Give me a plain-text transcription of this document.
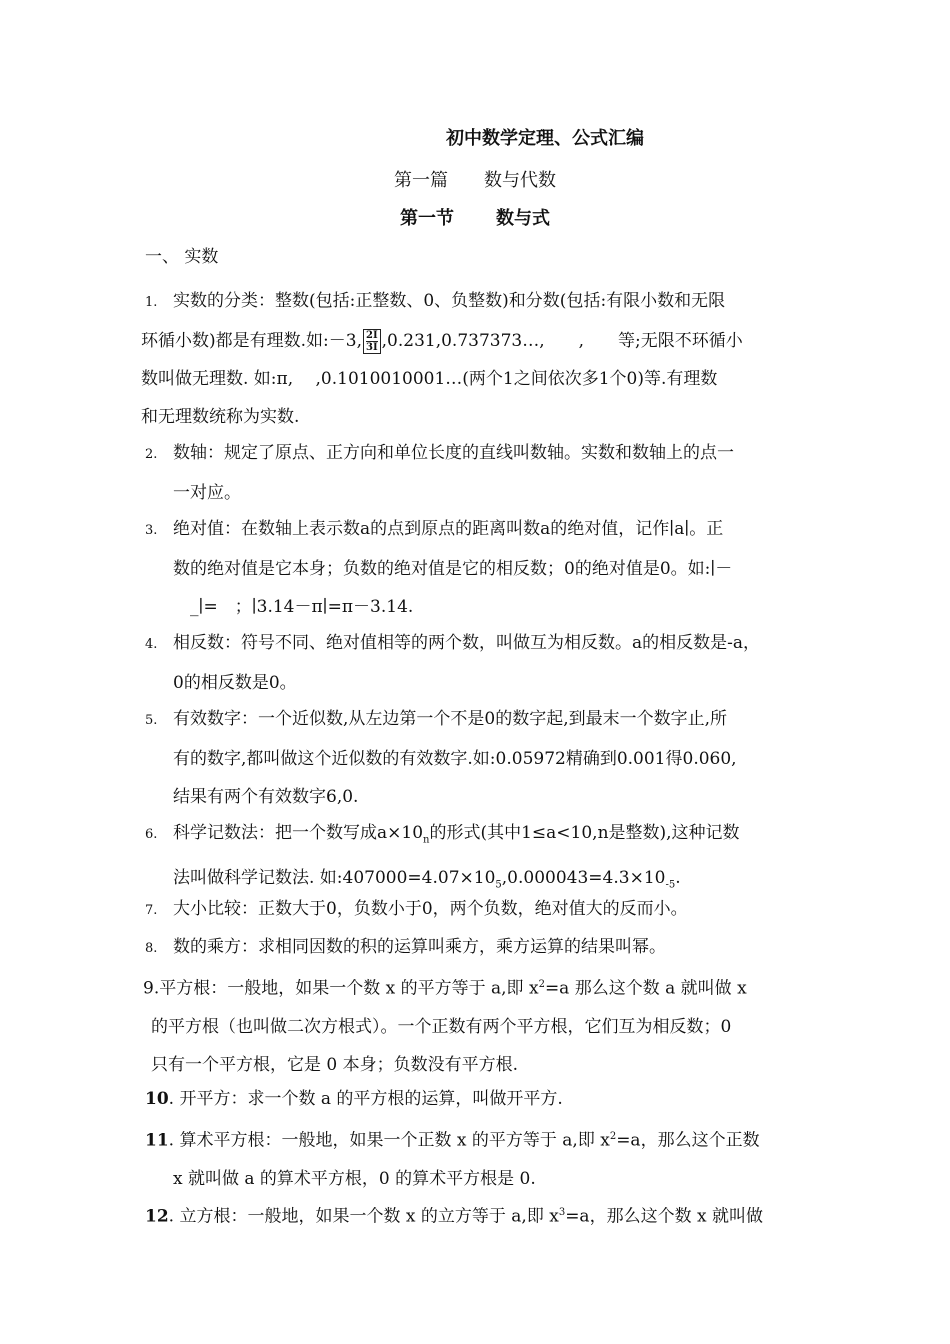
初中数学定理、公式汇编
第一篇 数与代数
第一节 数与式
一、 实数
1. 实数的分类：整数(包括:正整数、0、负整数)和分数(包括:有限小数和无限
环循小数)都是有理数.如:－3, $\frac{2I}{3I}$ ,0.231,0.737373…,　　,　　等;无限不环循小
数叫做无理数. 如:π,　 ,0.1010010001…(两个1之间依次多1个0)等.有理数
和无理数统称为实数.
2. 数轴：规定了原点、正方向和单位长度的直线叫数轴。实数和数轴上的点一
一对应。
3. 绝对值：在数轴上表示数a的点到原点的距离叫数a的绝对值，记作∣a∣。正
数的绝对值是它本身；负数的绝对值是它的相反数；0的绝对值是0。如:∣－
　_∣=　；∣3.14－π∣=π－3.14.
4. 相反数：符号不同、绝对值相等的两个数，叫做互为相反数。a的相反数是-a，
0的相反数是0。
5. 有效数字：一个近似数,从左边第一个不是0的数字起,到最末一个数字止,所
有的数字,都叫做这个近似数的有效数字.如:0.05972精确到0.001得0.060,
结果有两个有效数字6,0.
6. 科学记数法：把一个数写成$a\times 10_n$的形式(其中1≤a<10,n是整数),这种记数
法叫做科学记数法. 如$:407000=4.07\times 10_5,0.000043=4.3\times 10_{-5}$.
7. 大小比较：正数大于0，负数小于0，两个负数，绝对值大的反而小。
8. 数的乘方：求相同因数的积的运算叫乘方，乘方运算的结果叫幂。
9.平方根：一般地，如果一个数 x 的平方等于 a,即 $x^2=a$ 那么这个数 a 就叫做 x
的平方根（也叫做二次方根式）。一个正数有两个平方根，它们互为相反数；0
只有一个平方根，它是 0 本身；负数没有平方根.
10. 开平方：求一个数 a 的平方根的运算，叫做开平方.
11. 算术平方根：一般地，如果一个正数 x 的平方等于 a,即 $x^2=a$，那么这个正数
x 就叫做 a 的算术平方根，0 的算术平方根是 0.
12. 立方根：一般地，如果一个数 x 的立方等于 a,即 $x^3=a$，那么这个数 x 就叫做
